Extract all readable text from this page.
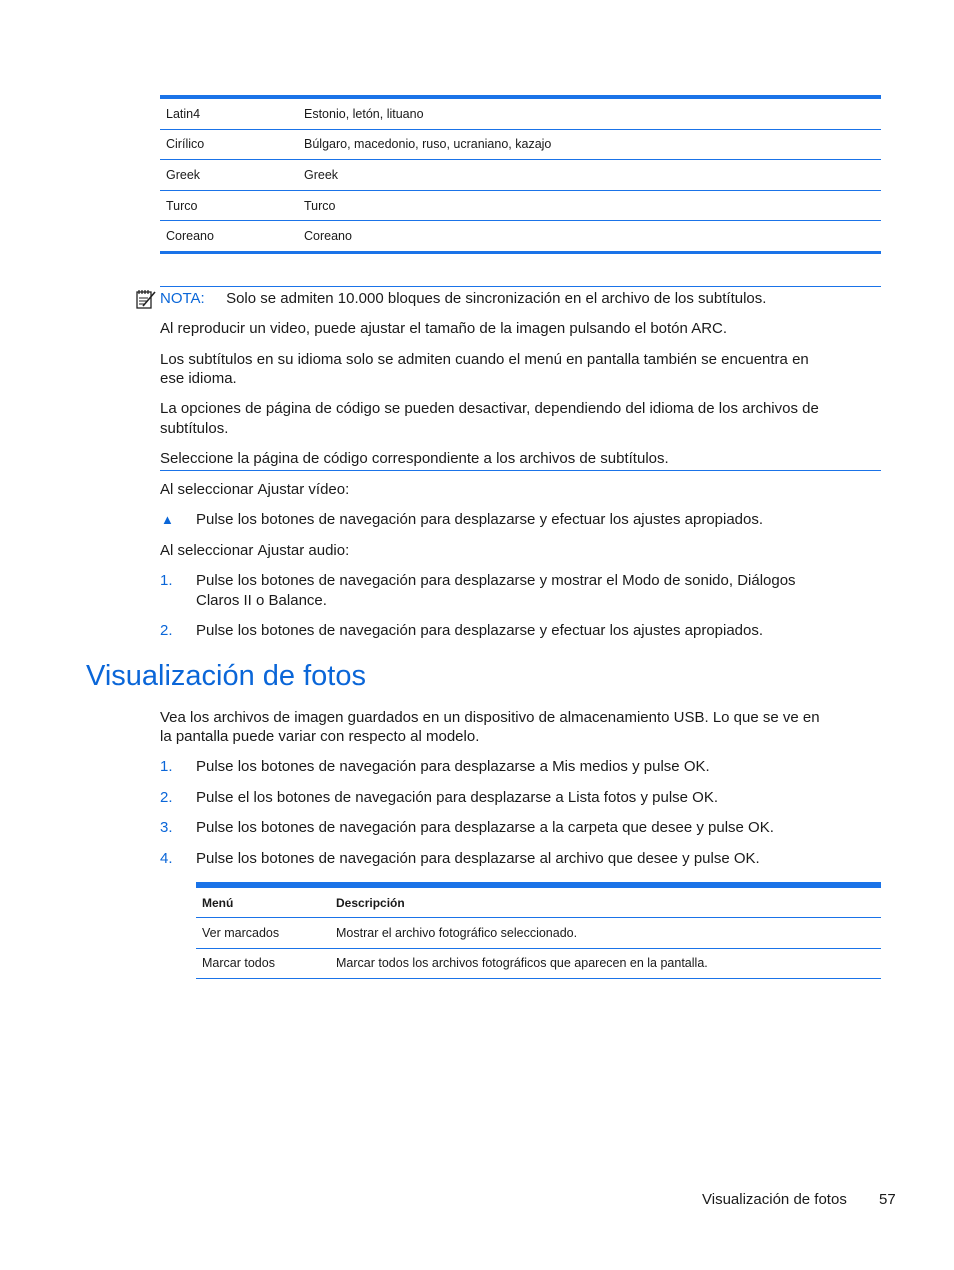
Latin4	Estonio, letón, lituano
Cirílico	Búlgaro, macedonio, ruso, ucraniano, kazajo
Greek	Greek
Turco	Turco
Coreano	Coreano
NOTA: Solo se admiten 10.000 bloques de sincronización en el archivo de los subtítulos.
Al reproducir un video, puede ajustar el tamaño de la imagen pulsando el botón ARC.
Los subtítulos en su idioma solo se admiten cuando el menú en pantalla también se encuentra en
ese idioma.
La opciones de página de código se pueden desactivar, dependiendo del idioma de los archivos de
subtítulos.
Seleccione la página de código correspondiente a los archivos de subtítulos.
Al seleccionar Ajustar vídeo:
▲ Pulse los botones de navegación para desplazarse y efectuar los ajustes apropiados.
Al seleccionar Ajustar audio:
1. Pulse los botones de navegación para desplazarse y mostrar el Modo de sonido, Diálogos
Claros II o Balance.
2. Pulse los botones de navegación para desplazarse y efectuar los ajustes apropiados.
Visualización de fotos
Vea los archivos de imagen guardados en un dispositivo de almacenamiento USB. Lo que se ve en
la pantalla puede variar con respecto al modelo.
1. Pulse los botones de navegación para desplazarse a Mis medios y pulse OK.
2. Pulse el los botones de navegación para desplazarse a Lista fotos y pulse OK.
3. Pulse los botones de navegación para desplazarse a la carpeta que desee y pulse OK.
4. Pulse los botones de navegación para desplazarse al archivo que desee y pulse OK.
Menú	Descripción
Ver marcados	Mostrar el archivo fotográfico seleccionado.
Marcar todos	Marcar todos los archivos fotográficos que aparecen en la pantalla.
Visualización de fotos 57
